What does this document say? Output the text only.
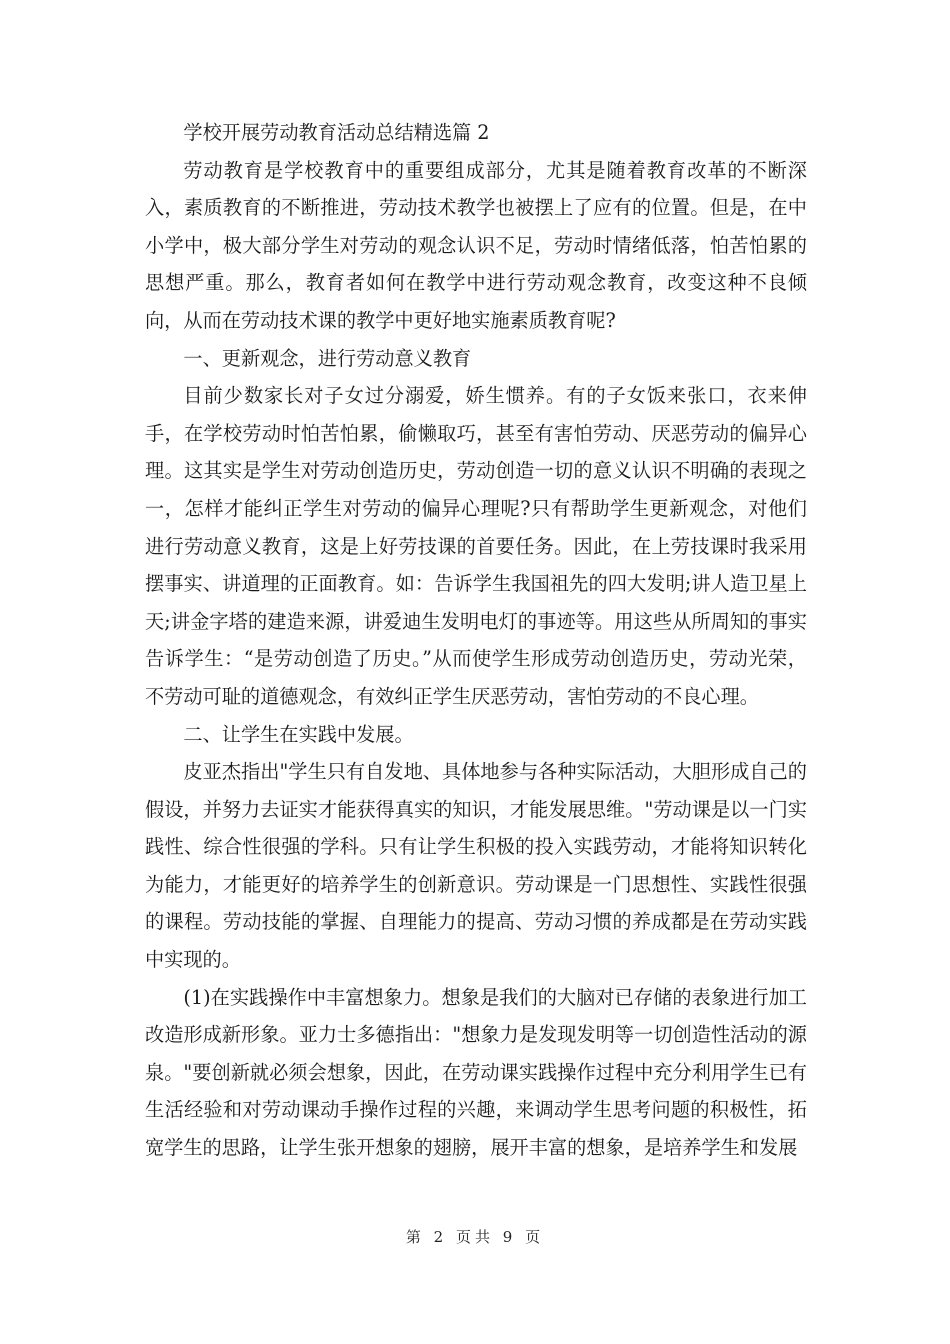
学校开展劳动教育活动总结精选篇 2

劳动教育是学校教育中的重要组成部分，尤其是随着教育改革的不断深入，素质教育的不断推进，劳动技术教学也被摆上了应有的位置。但是，在中小学中，极大部分学生对劳动的观念认识不足，劳动时情绪低落，怕苦怕累的思想严重。那么，教育者如何在教学中进行劳动观念教育，改变这种不良倾向，从而在劳动技术课的教学中更好地实施素质教育呢?

一、更新观念，进行劳动意义教育

目前少数家长对子女过分溺爱，娇生惯养。有的子女饭来张口，衣来伸手，在学校劳动时怕苦怕累，偷懒取巧，甚至有害怕劳动、厌恶劳动的偏异心理。这其实是学生对劳动创造历史，劳动创造一切的意义认识不明确的表现之一，怎样才能纠正学生对劳动的偏异心理呢?只有帮助学生更新观念，对他们进行劳动意义教育，这是上好劳技课的首要任务。因此，在上劳技课时我采用摆事实、讲道理的正面教育。如：告诉学生我国祖先的四大发明;讲人造卫星上天;讲金字塔的建造来源，讲爱迪生发明电灯的事迹等。用这些从所周知的事实告诉学生：“是劳动创造了历史。”从而使学生形成劳动创造历史，劳动光荣，不劳动可耻的道德观念，有效纠正学生厌恶劳动，害怕劳动的不良心理。

二、让学生在实践中发展。

皮亚杰指出"学生只有自发地、具体地参与各种实际活动，大胆形成自己的假设，并努力去证实才能获得真实的知识，才能发展思维。"劳动课是以一门实践性、综合性很强的学科。只有让学生积极的投入实践劳动，才能将知识转化为能力，才能更好的培养学生的创新意识。劳动课是一门思想性、实践性很强的课程。劳动技能的掌握、自理能力的提高、劳动习惯的养成都是在劳动实践中实现的。

(1)在实践操作中丰富想象力。想象是我们的大脑对已存储的表象进行加工改造形成新形象。亚力士多德指出："想象力是发现发明等一切创造性活动的源泉。"要创新就必须会想象，因此，在劳动课实践操作过程中充分利用学生已有生活经验和对劳动课动手操作过程的兴趣，来调动学生思考问题的积极性，拓宽学生的思路，让学生张开想象的翅膀，展开丰富的想象，是培养学生和发展

第 2 页共 9 页
